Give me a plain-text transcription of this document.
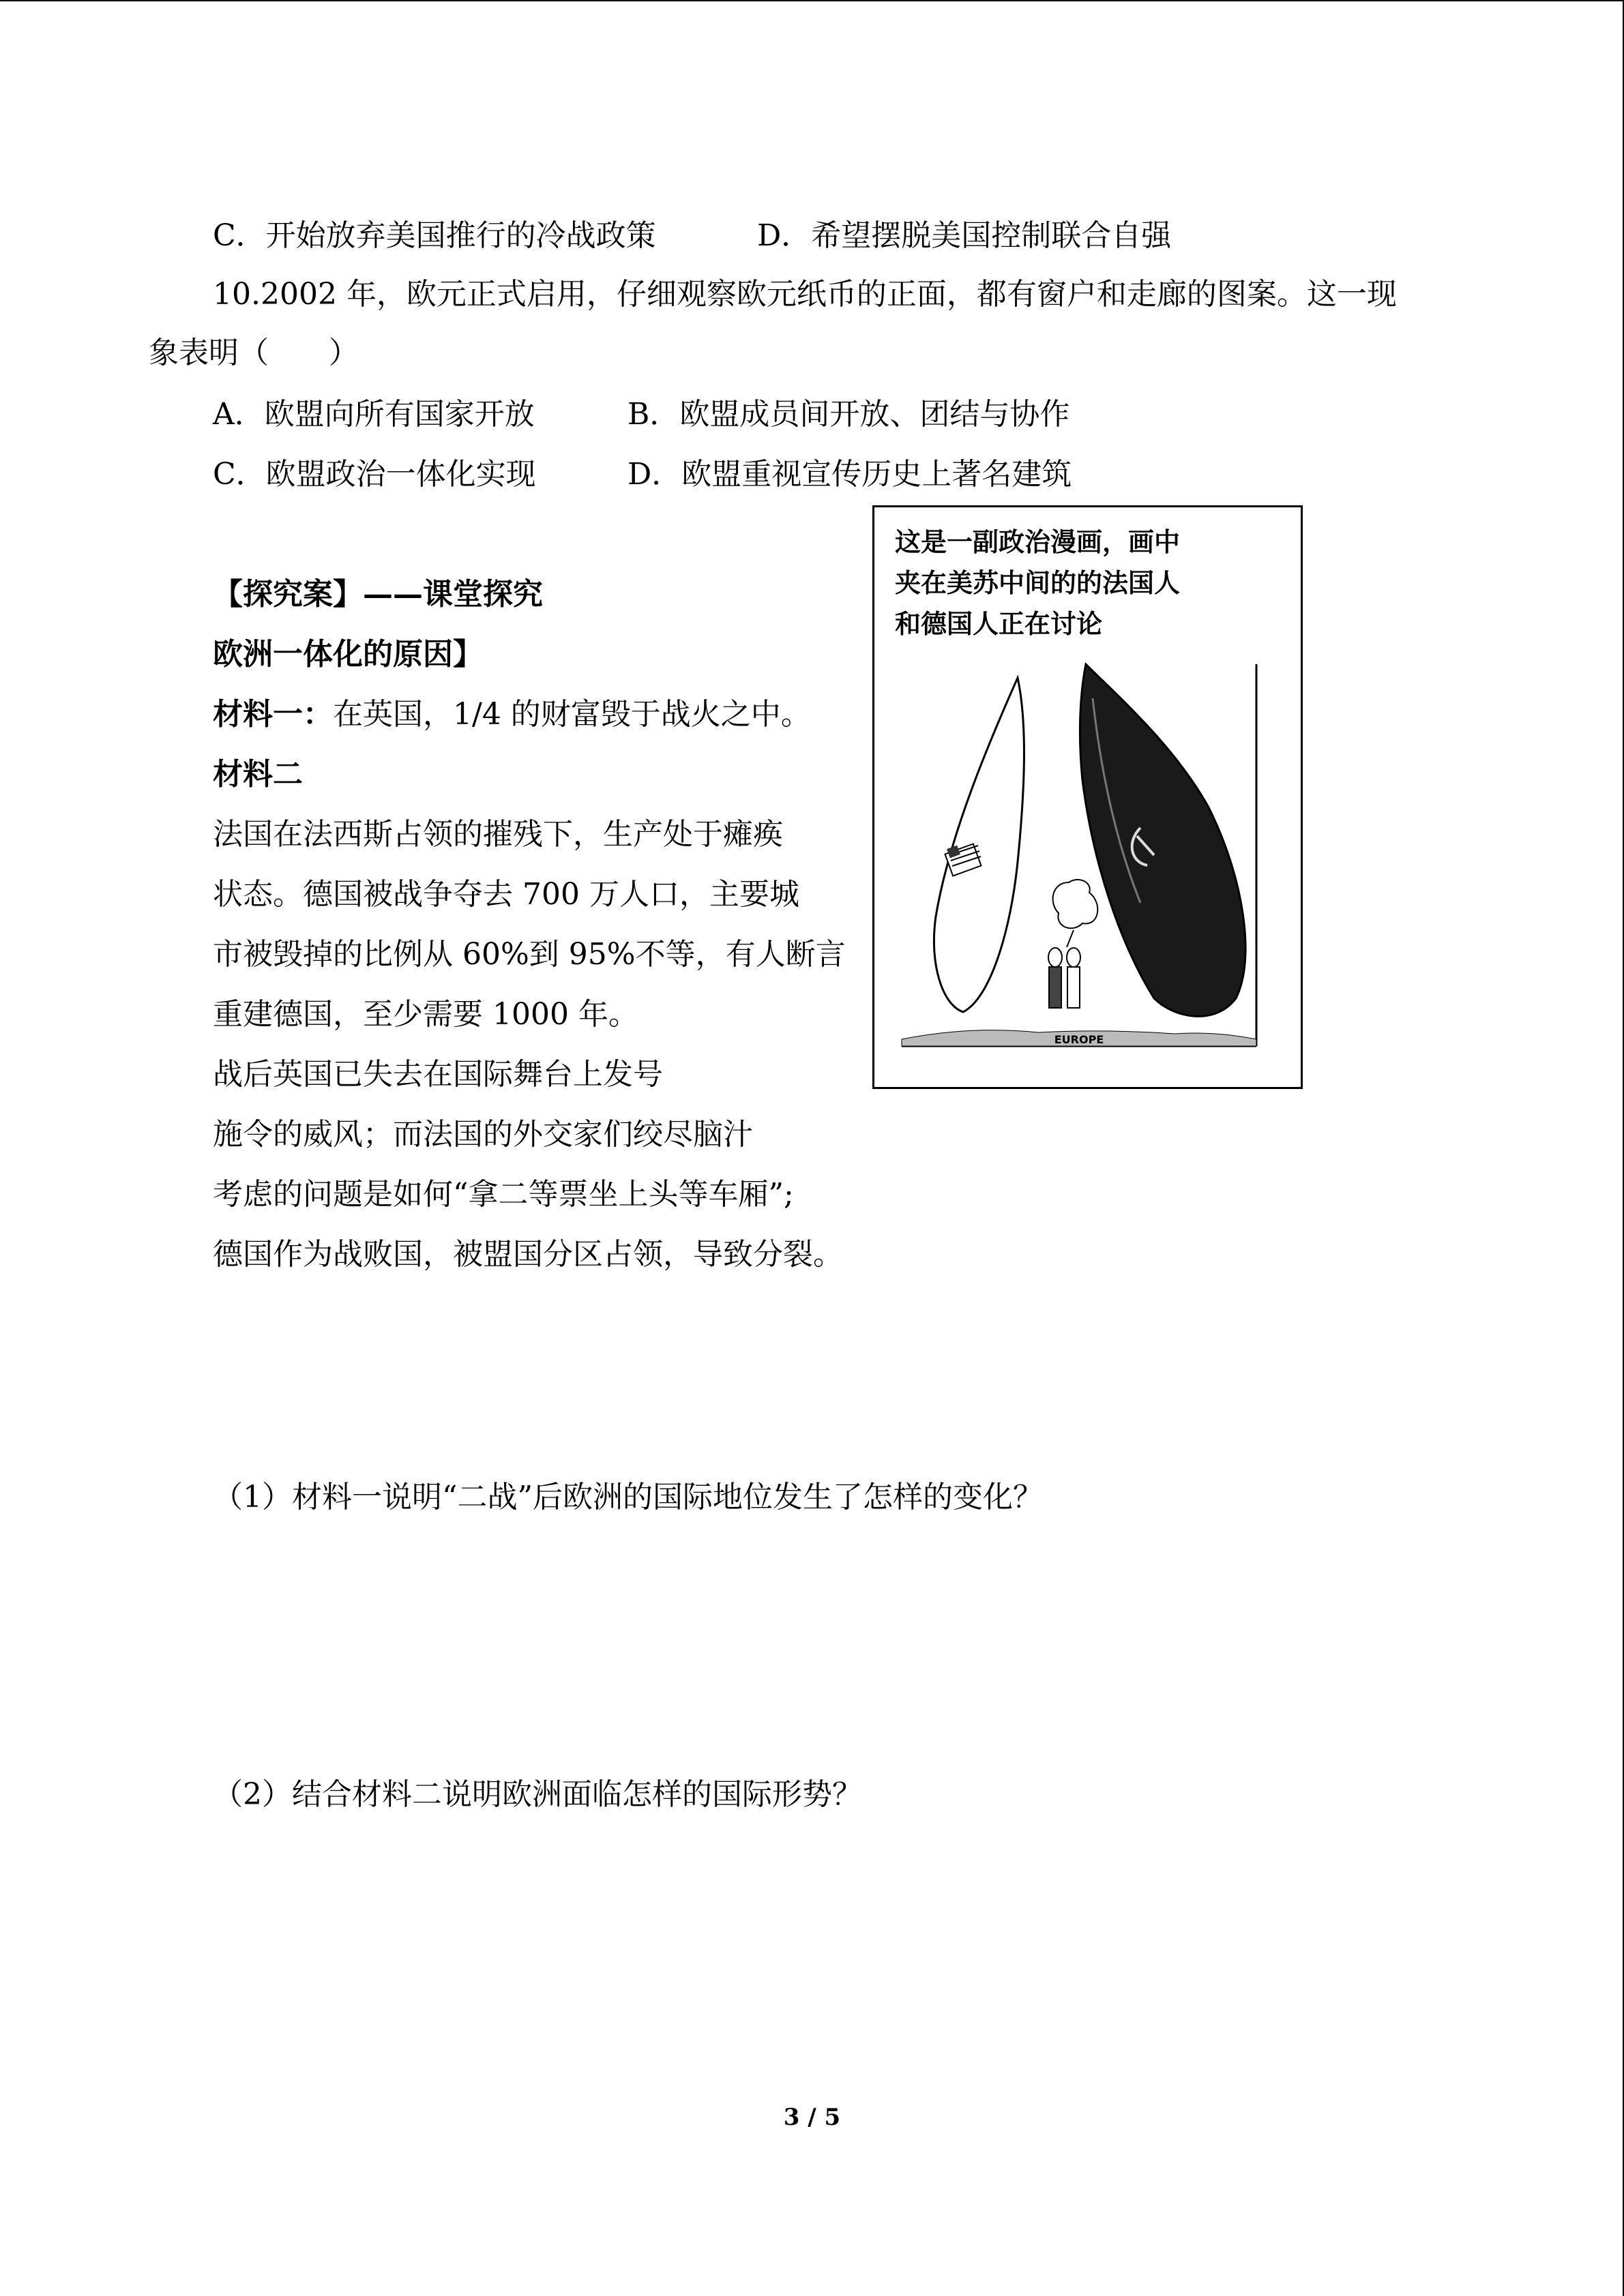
C．开始放弃美国推行的冷战政策	D．希望摆脱美国控制联合自强
10.2002 年，欧元正式启用，仔细观察欧元纸币的正面，都有窗户和走廊的图案。这一现
象表明（　　）
A．欧盟向所有国家开放	B．欧盟成员间开放、团结与协作
C．欧盟政治一体化实现	D．欧盟重视宣传历史上著名建筑
【探究案】——课堂探究
欧洲一体化的原因】
材料一：在英国，1/4 的财富毁于战火之中。
材料二
法国在法西斯占领的摧残下，生产处于瘫痪
状态。德国被战争夺去 700 万人口，主要城
市被毁掉的比例从 60%到 95%不等，有人断言
重建德国，至少需要 1000 年。
战后英国已失去在国际舞台上发号
施令的威风；而法国的外交家们绞尽脑汁
考虑的问题是如何“拿二等票坐上头等车厢”;
德国作为战败国，被盟国分区占领，导致分裂。
这是一副政治漫画，画中
夹在美苏中间的的法国人
和德国人正在讨论
EUROPE
（1）材料一说明“二战”后欧洲的国际地位发生了怎样的变化？
（2）结合材料二说明欧洲面临怎样的国际形势？
3 / 5
